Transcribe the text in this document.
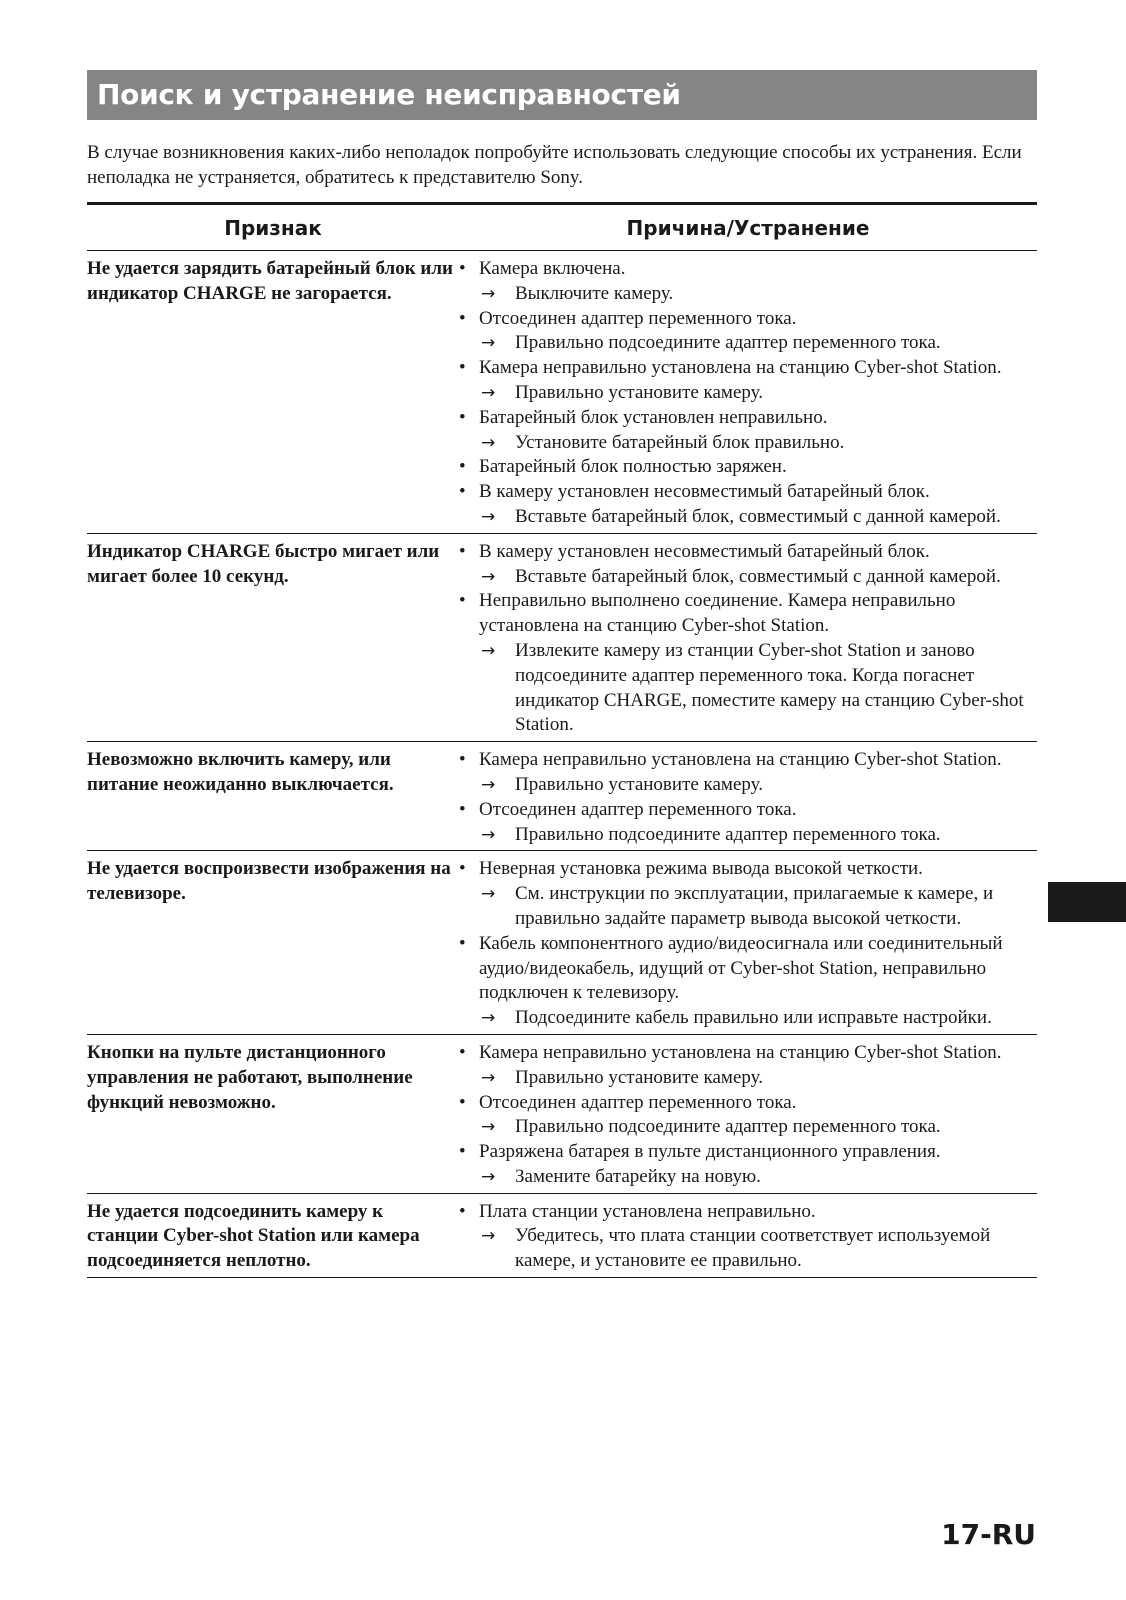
Поиск и устранение неисправностей

В случае возникновения каких-либо неполадок попробуйте использовать следующие способы их устранения. Если неполадка не устраняется, обратитесь к представителю Sony.

Признак	Причина/Устранение
Не удается зарядить батарейный блок или индикатор CHARGE не загорается.
• Камера включена.
→ Выключите камеру.
• Отсоединен адаптер переменного тока.
→ Правильно подсоедините адаптер переменного тока.
• Камера неправильно установлена на станцию Cyber-shot Station.
→ Правильно установите камеру.
• Батарейный блок установлен неправильно.
→ Установите батарейный блок правильно.
• Батарейный блок полностью заряжен.
• В камеру установлен несовместимый батарейный блок.
→ Вставьте батарейный блок, совместимый с данной камерой.
Индикатор CHARGE быстро мигает или мигает более 10 секунд.
• В камеру установлен несовместимый батарейный блок.
→ Вставьте батарейный блок, совместимый с данной камерой.
• Неправильно выполнено соединение. Камера неправильно установлена на станцию Cyber-shot Station.
→ Извлеките камеру из станции Cyber-shot Station и заново подсоедините адаптер переменного тока. Когда погаснет индикатор CHARGE, поместите камеру на станцию Cyber-shot Station.
Невозможно включить камеру, или питание неожиданно выключается.
• Камера неправильно установлена на станцию Cyber-shot Station.
→ Правильно установите камеру.
• Отсоединен адаптер переменного тока.
→ Правильно подсоедините адаптер переменного тока.
Не удается воспроизвести изображения на телевизоре.
• Неверная установка режима вывода высокой четкости.
→ См. инструкции по эксплуатации, прилагаемые к камере, и правильно задайте параметр вывода высокой четкости.
• Кабель компонентного аудио/видеосигнала или соединительный аудио/видеокабель, идущий от Cyber-shot Station, неправильно подключен к телевизору.
→ Подсоедините кабель правильно или исправьте настройки.
Кнопки на пульте дистанционного управления не работают, выполнение функций невозможно.
• Камера неправильно установлена на станцию Cyber-shot Station.
→ Правильно установите камеру.
• Отсоединен адаптер переменного тока.
→ Правильно подсоедините адаптер переменного тока.
• Разряжена батарея в пульте дистанционного управления.
→ Замените батарейку на новую.
Не удается подсоединить камеру к станции Cyber-shot Station или камера подсоединяется неплотно.
• Плата станции установлена неправильно.
→ Убедитесь, что плата станции соответствует используемой камере, и установите ее правильно.
17-RU
